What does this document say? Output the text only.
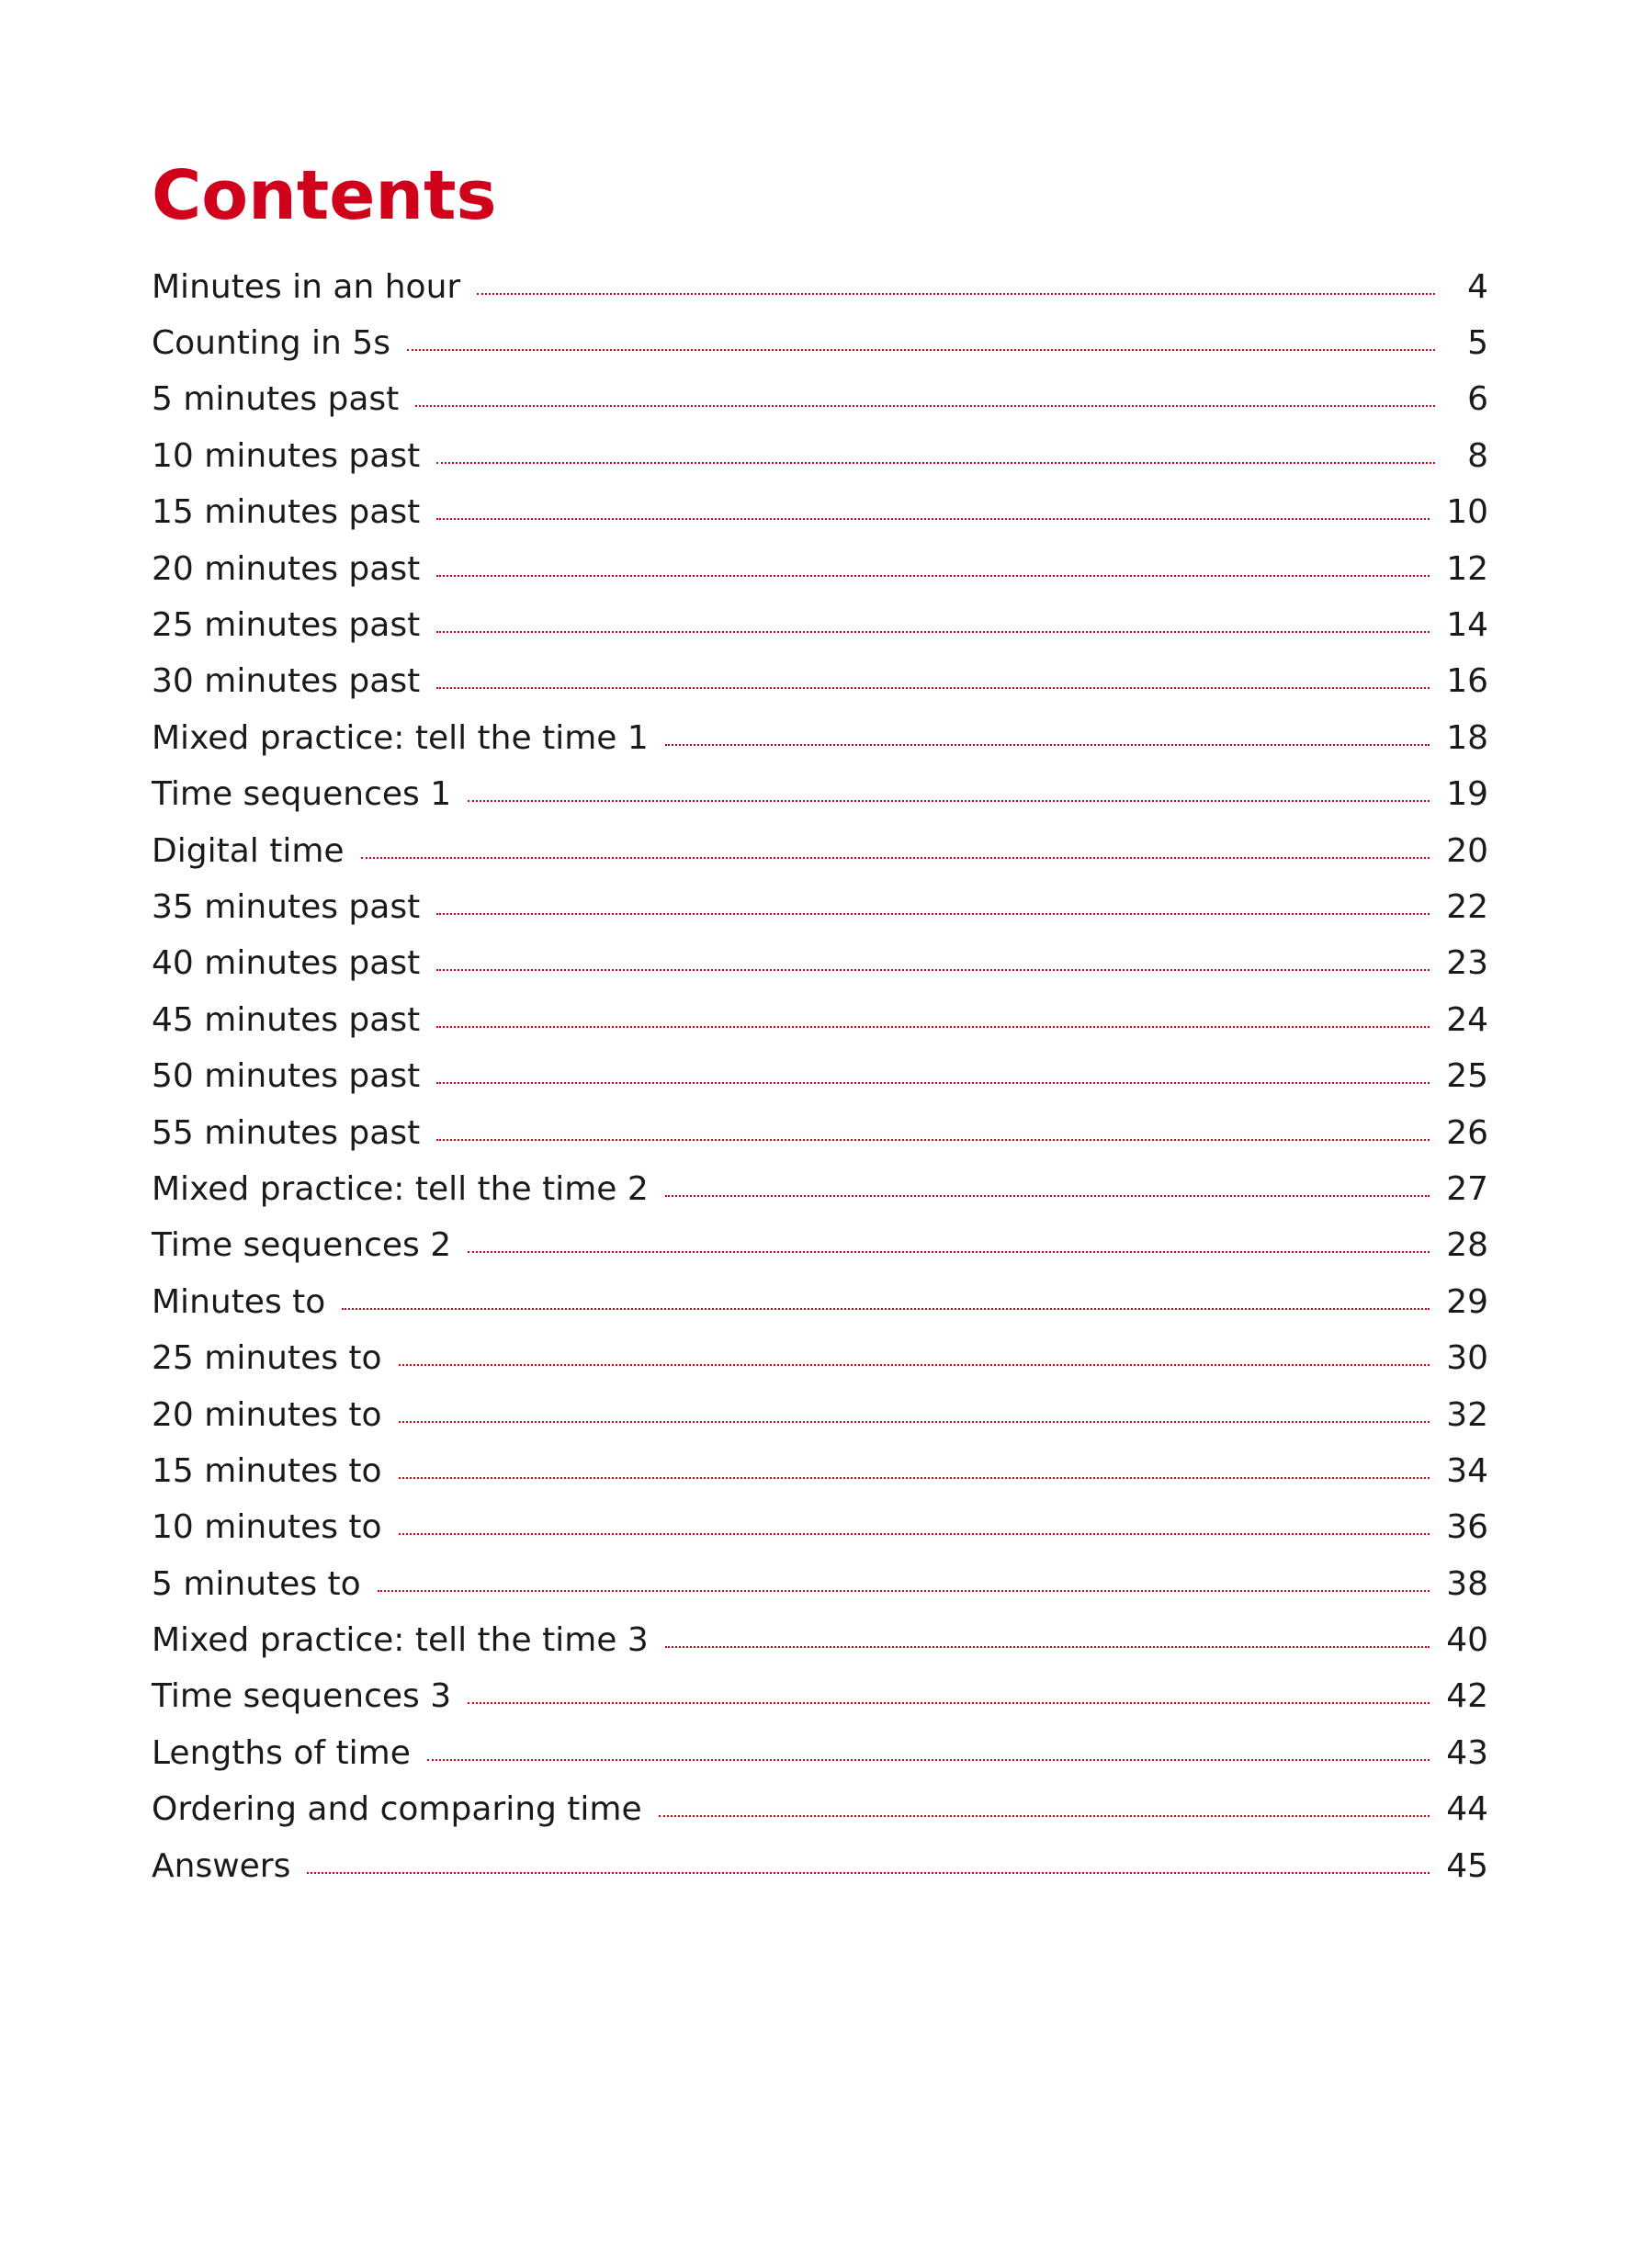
Contents
Minutes in an hour	4
Counting in 5s	5
5 minutes past	6
10 minutes past	8
15 minutes past	10
20 minutes past	12
25 minutes past	14
30 minutes past	16
Mixed practice: tell the time 1	18
Time sequences 1	19
Digital time	20
35 minutes past	22
40 minutes past	23
45 minutes past	24
50 minutes past	25
55 minutes past	26
Mixed practice: tell the time 2	27
Time sequences 2	28
Minutes to	29
25 minutes to	30
20 minutes to	32
15 minutes to	34
10 minutes to	36
5 minutes to	38
Mixed practice: tell the time 3	40
Time sequences 3	42
Lengths of time	43
Ordering and comparing time	44
Answers	45
